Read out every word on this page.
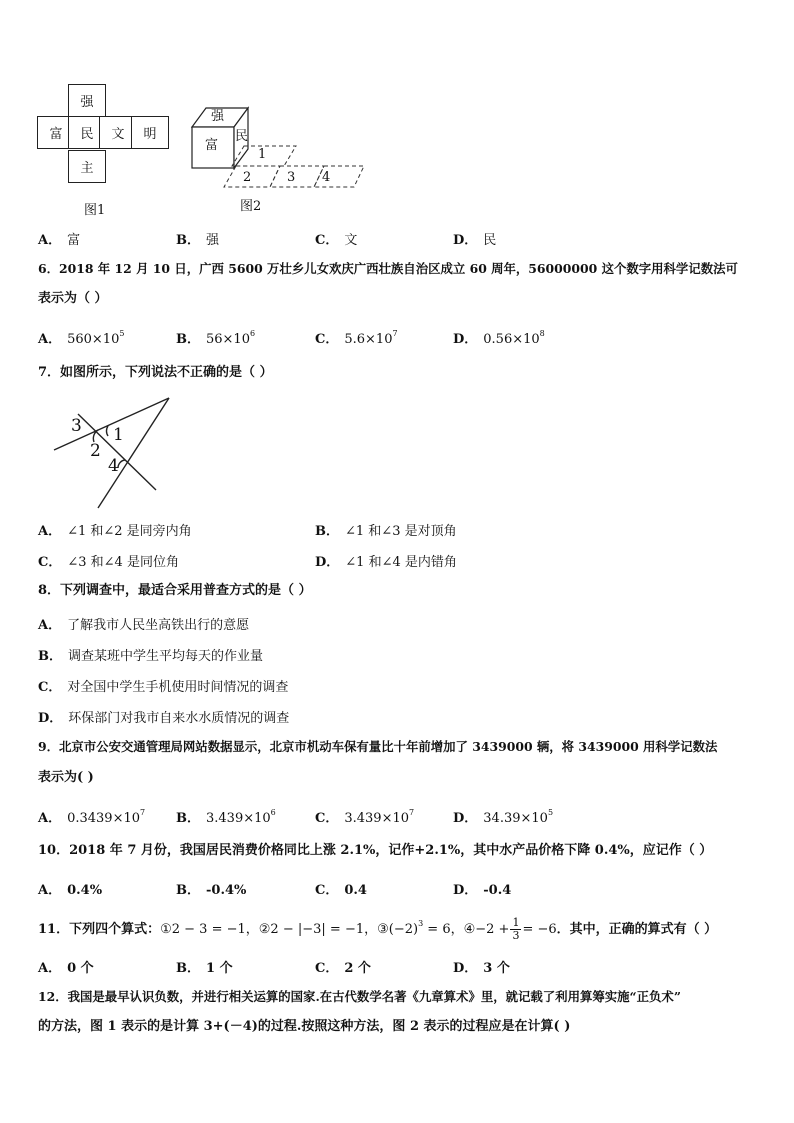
强
富	民	文	明
主
图1
强
富
民
1
2	3 4
图2
A． 富	B． 强	C． 文	D． 民
6．2018 年 12 月 10 日，广西 5600 万壮乡儿女欢庆广西壮族自治区成立 60 周年，56000000 这个数字用科学记数法可
表示为（ ）
A． $560\times 10^5$	B． $56\times 10^6$	C． $5.6\times 10^7$	D． $0.56\times 10^8$
7．如图所示，下列说法不正确的是（ ）
3 1
2
4
A． ∠1 和∠2 是同旁内角	B． ∠1 和∠3 是对顶角
C． ∠3 和∠4 是同位角	D． ∠1 和∠4 是内错角
8．下列调查中，最适合采用普查方式的是（ ）
A． 了解我市人民坐高铁出行的意愿
B． 调查某班中学生平均每天的作业量
C． 对全国中学生手机使用时间情况的调查
D． 环保部门对我市自来水水质情况的调查
9．北京市公安交通管理局网站数据显示，北京市机动车保有量比十年前增加了 3439000 辆，将 3439000 用科学记数法
表示为( )
A． $0.3439\times 10^7$ B． $3.439\times 10^6$	C． $3.439\times 10^7$	D． $34.39\times 10^5$
10．2018 年 7 月份，我国居民消费价格同比上涨 2.1%，记作+2.1%，其中水产品价格下降 0.4%，应记作（ ）
A． 0.4%	B． -0.4%	C． 0.4	D． -0.4
11．下列四个算式： ①2 − 3 = −1， ②2 − |−3| = −1， $③(-2)^3 = 6$， ④−2 + $\frac{1}{3} = -6$ ．其中，正确的算式有（ ）
A． 0 个	B． 1 个	C． 2 个	D． 3 个
12．我国是最早认识负数，并进行相关运算的国家.在古代数学名著《九章算术》里，就记载了利用算筹实施“正负术”
的方法，图 1 表示的是计算 3+(－4)的过程.按照这种方法，图 2 表示的过程应是在计算( )
